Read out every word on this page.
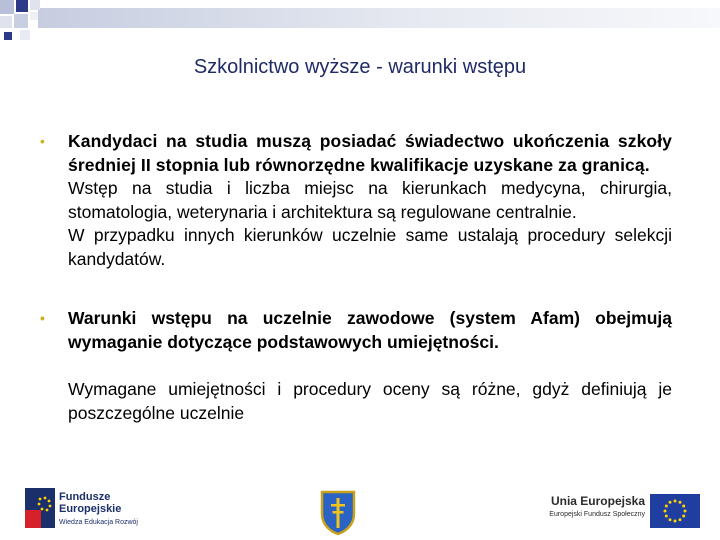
Szkolnictwo wyższe - warunki wstępu
• Kandydaci na studia muszą posiadać świadectwo ukończenia szkoły średniej II stopnia lub równorzędne kwalifikacje uzyskane za granicą.

Wstęp na studia i liczba miejsc na kierunkach medycyna, chirurgia, stomatologia, weterynaria i architektura są regulowane centralnie.

W przypadku innych kierunków uczelnie same ustalają procedury selekcji kandydatów.

• Warunki wstępu na uczelnie zawodowe (system Afam) obejmują wymaganie dotyczące podstawowych umiejętności.

Wymagane umiejętności i procedury oceny są różne, gdyż definiują je poszczególne uczelnie

Fundusze
Europejskie
Wiedza Edukacja Rozwój
Unia Europejska
Europejski Fundusz Społeczny
